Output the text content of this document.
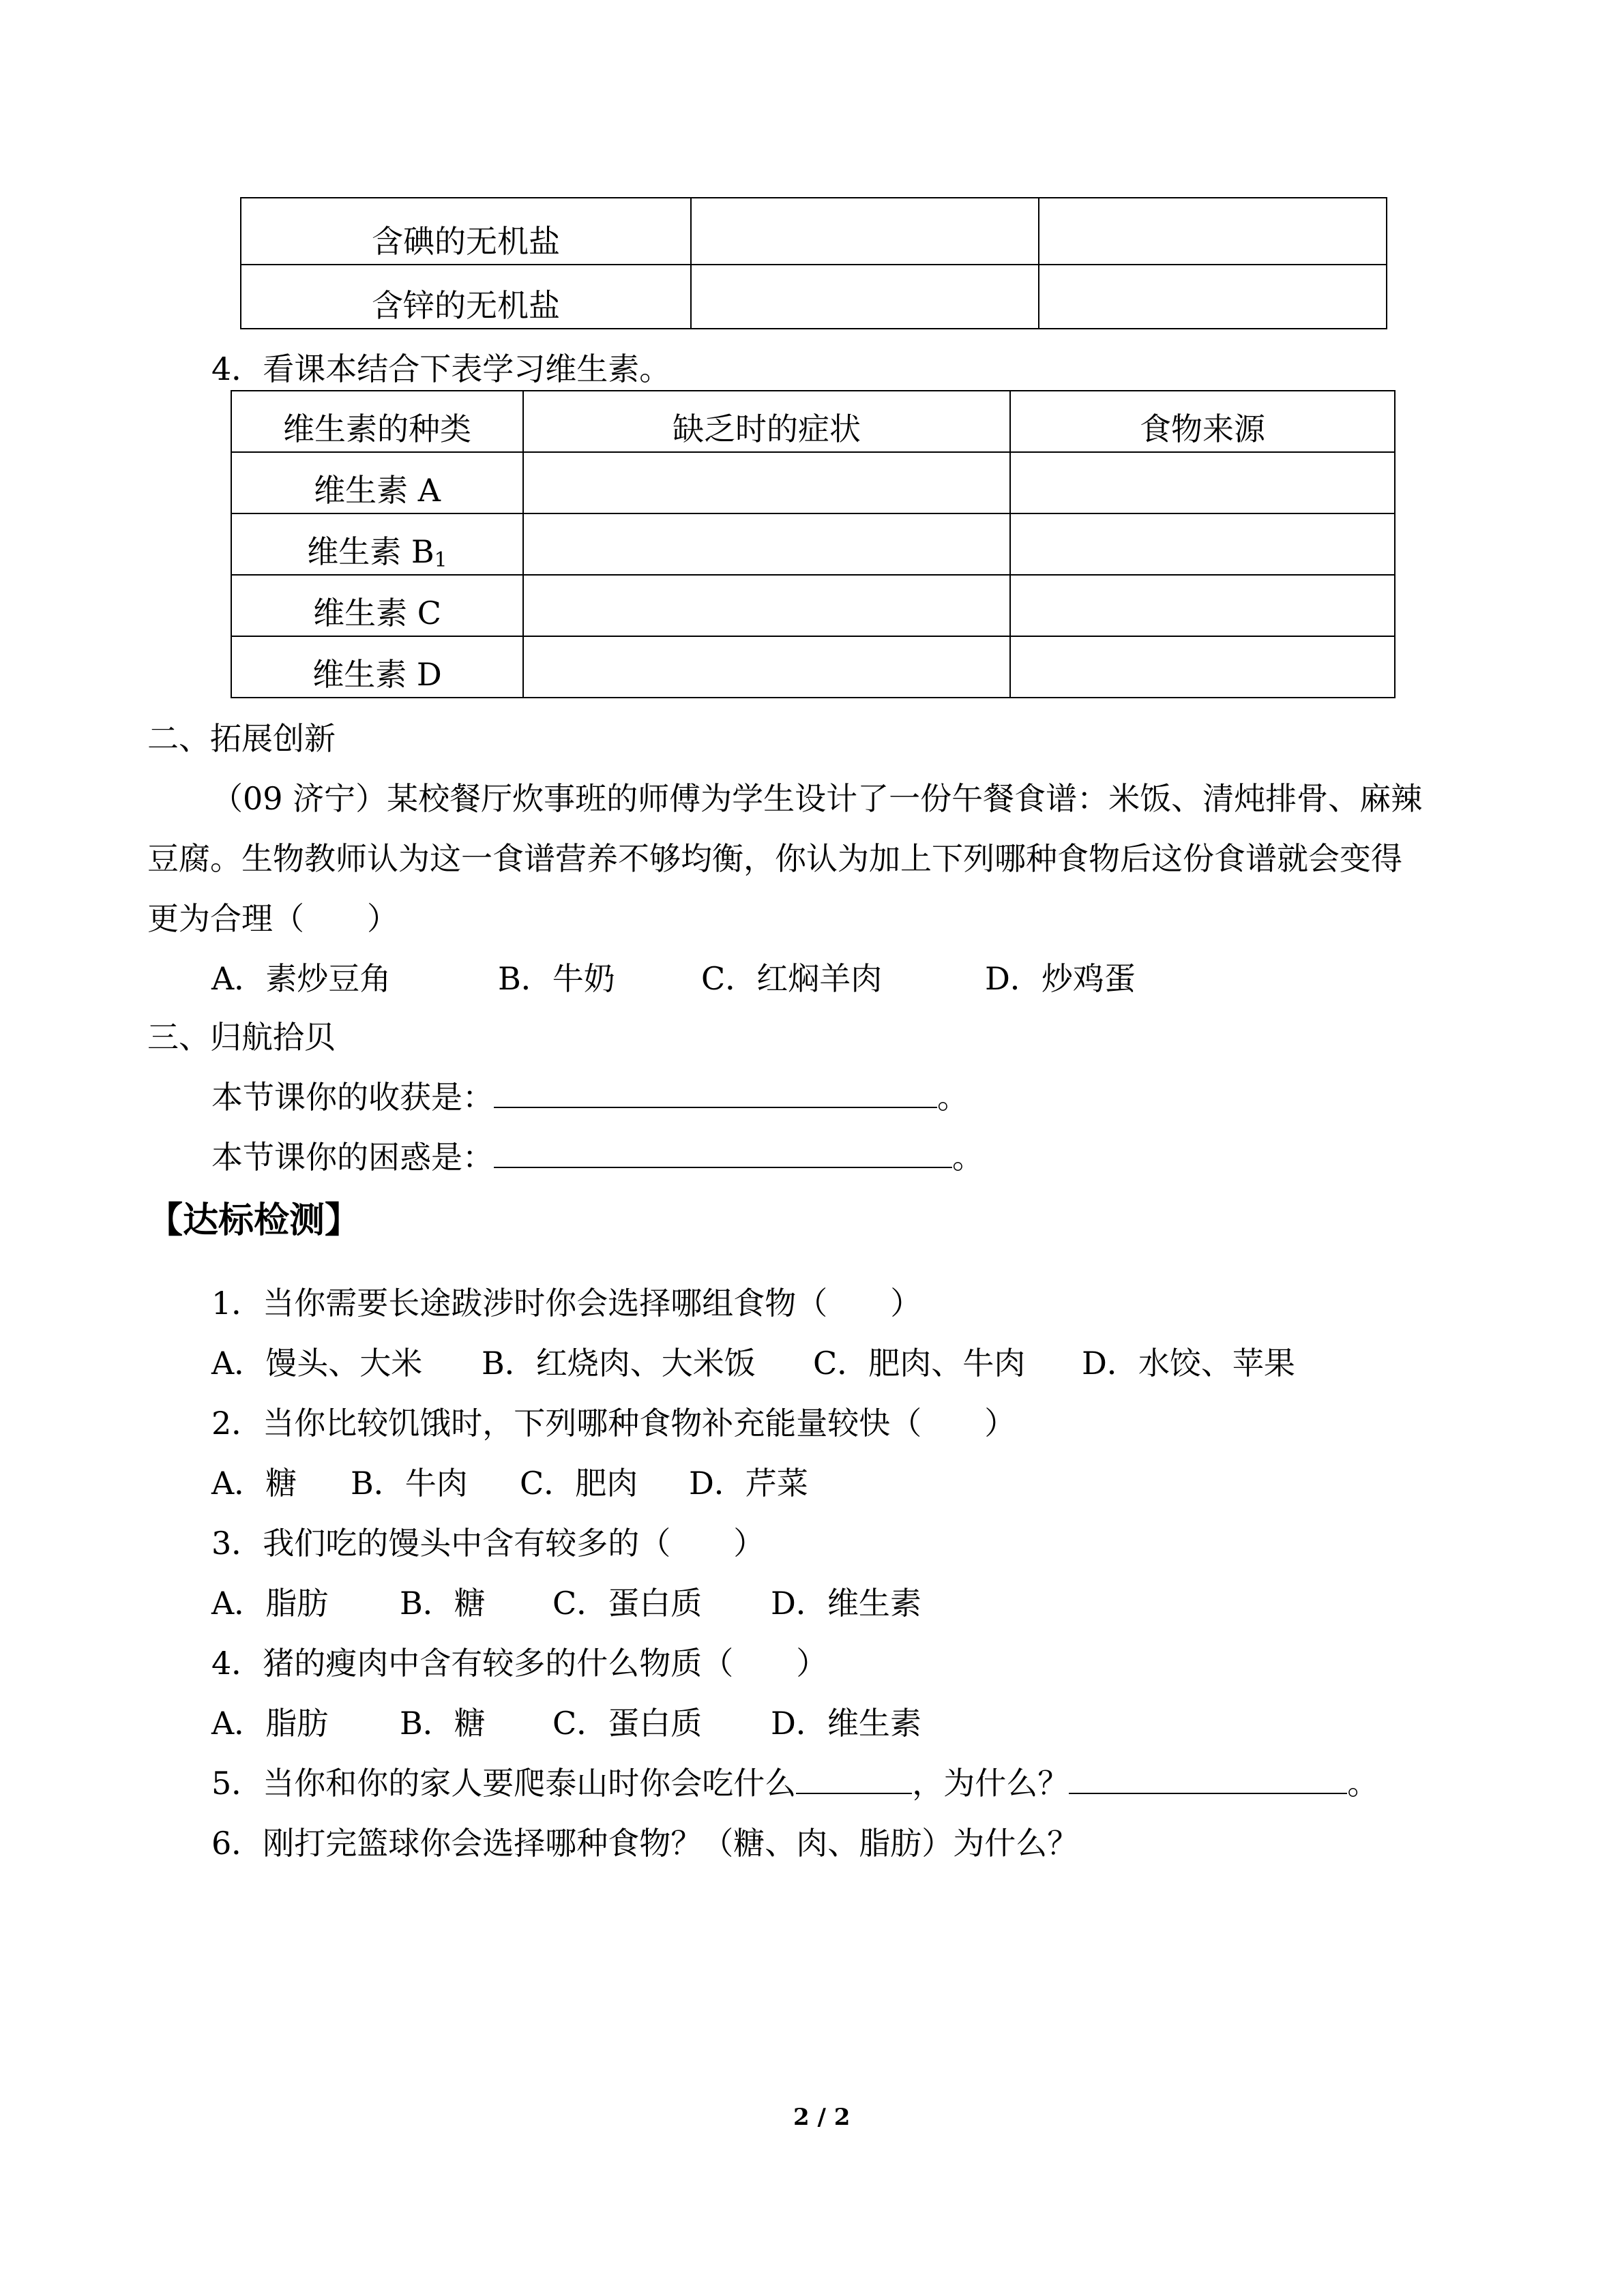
含碘的无机盐		

含锌的无机盐		

4．看课本结合下表学习维生素。
维生素的种类	缺乏时的症状	食物来源

维生素 A		

维生素 $B_1$

维生素 C		

维生素 D		

二、拓展创新
（09 济宁）某校餐厅炊事班的师傅为学生设计了一份午餐食谱：米饭、清炖排骨、麻辣
豆腐。生物教师认为这一食谱营养不够均衡，你认为加上下列哪种食物后这份食谱就会变得
更为合理（　　）
A．素炒豆角	B．牛奶	C．红焖羊肉	D．炒鸡蛋
三、归航拾贝
本节课你的收获是：	。
本节课你的困惑是：	。
【达标检测】
1．当你需要长途跋涉时你会选择哪组食物（　　）
A．馒头、大米 B．红烧肉、大米饭 C．肥肉、牛肉 D．水饺、苹果
2．当你比较饥饿时，下列哪种食物补充能量较快（　　）
A．糖 B．牛肉 C．肥肉 D．芹菜
3．我们吃的馒头中含有较多的（　　）
A．脂肪 B．糖 C．蛋白质 D．维生素
4．猪的瘦肉中含有较多的什么物质（　　）
A．脂肪 B．糖 C．蛋白质 D．维生素
5．当你和你的家人要爬泰山时你会吃什么	，为什么？	。
6．刚打完篮球你会选择哪种食物？（糖、肉、脂肪）为什么？
2 / 2
